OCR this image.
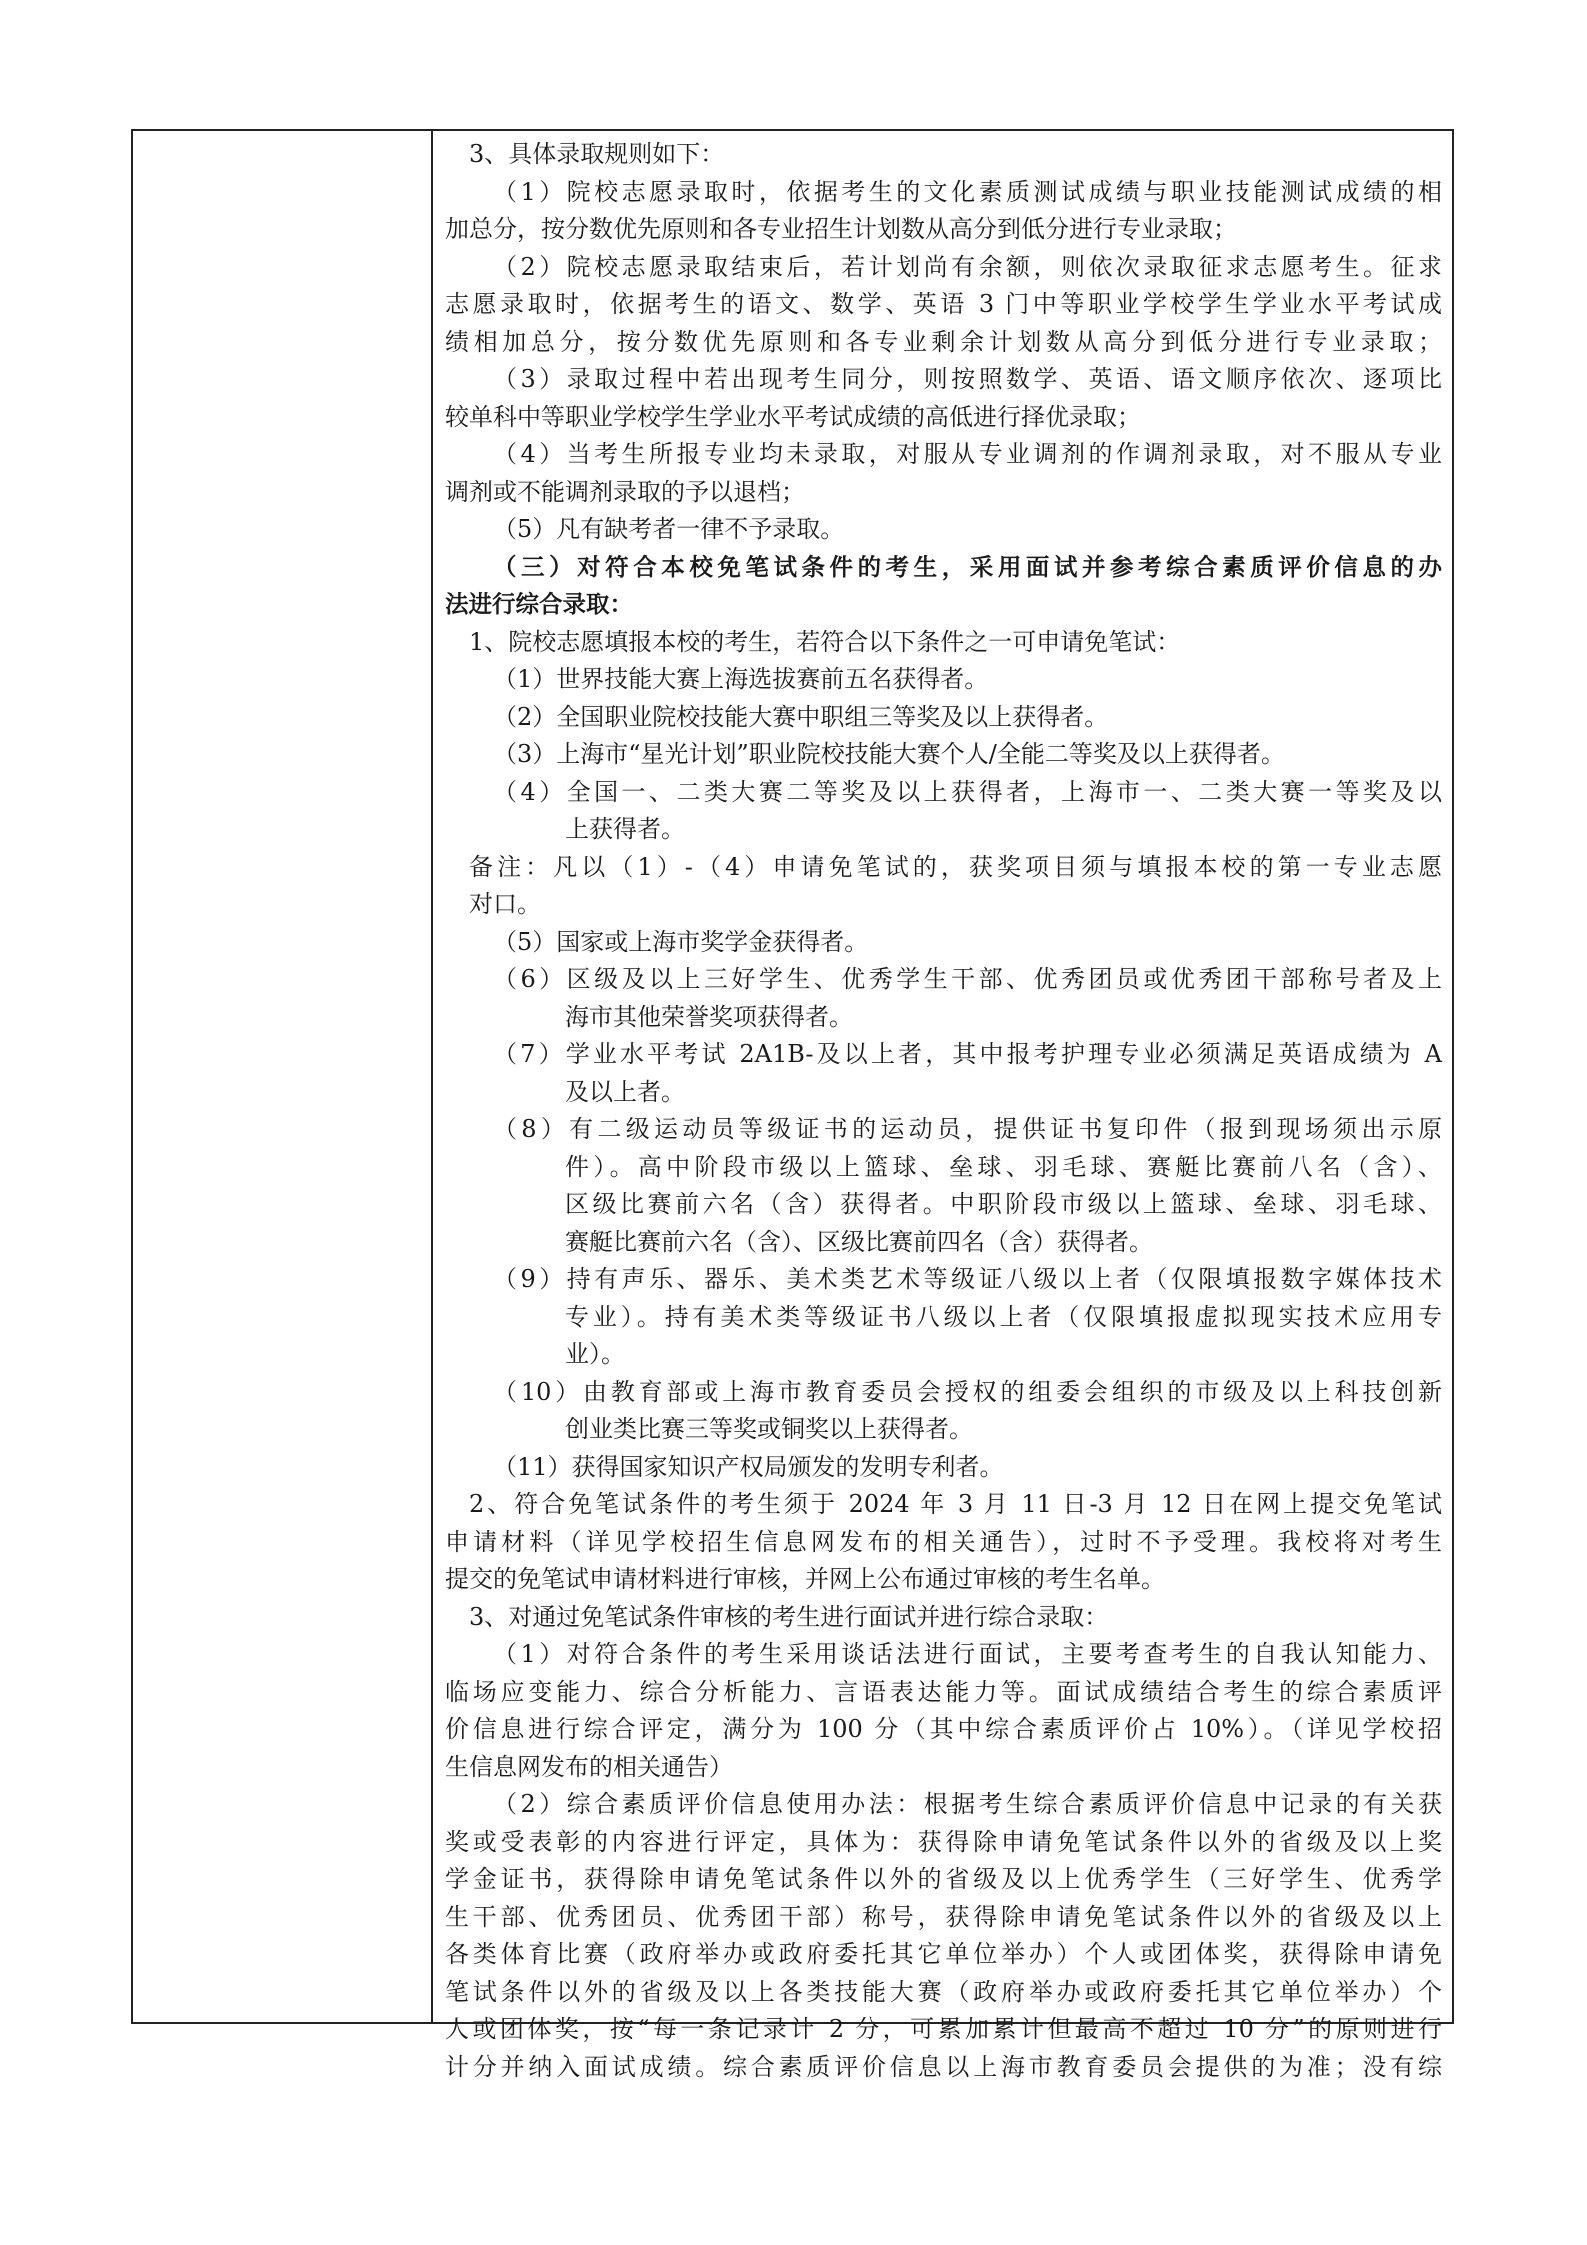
3、具体录取规则如下：
（1）院校志愿录取时，依据考生的文化素质测试成绩与职业技能测试成绩的相
加总分，按分数优先原则和各专业招生计划数从高分到低分进行专业录取；
（2）院校志愿录取结束后，若计划尚有余额，则依次录取征求志愿考生。征求
志愿录取时，依据考生的语文、数学、英语 3 门中等职业学校学生学业水平考试成
绩相加总分，按分数优先原则和各专业剩余计划数从高分到低分进行专业录取；
（3）录取过程中若出现考生同分，则按照数学、英语、语文顺序依次、逐项比
较单科中等职业学校学生学业水平考试成绩的高低进行择优录取；
（4）当考生所报专业均未录取，对服从专业调剂的作调剂录取，对不服从专业
调剂或不能调剂录取的予以退档；
（5）凡有缺考者一律不予录取。
（三）对符合本校免笔试条件的考生，采用面试并参考综合素质评价信息的办
法进行综合录取：
1、院校志愿填报本校的考生，若符合以下条件之一可申请免笔试：
（1）世界技能大赛上海选拔赛前五名获得者。
（2）全国职业院校技能大赛中职组三等奖及以上获得者。
（3）上海市“星光计划”职业院校技能大赛个人/全能二等奖及以上获得者。
（4）全国一、二类大赛二等奖及以上获得者，上海市一、二类大赛一等奖及以
上获得者。
备注：凡以（1）-（4）申请免笔试的，获奖项目须与填报本校的第一专业志愿
对口。
（5）国家或上海市奖学金获得者。
（6）区级及以上三好学生、优秀学生干部、优秀团员或优秀团干部称号者及上
海市其他荣誉奖项获得者。
（7）学业水平考试 2A1B-及以上者，其中报考护理专业必须满足英语成绩为 A
及以上者。
（8）有二级运动员等级证书的运动员，提供证书复印件（报到现场须出示原
件）。高中阶段市级以上篮球、垒球、羽毛球、赛艇比赛前八名（含）、
区级比赛前六名（含）获得者。中职阶段市级以上篮球、垒球、羽毛球、
赛艇比赛前六名（含）、区级比赛前四名（含）获得者。
（9）持有声乐、器乐、美术类艺术等级证八级以上者（仅限填报数字媒体技术
专业）。持有美术类等级证书八级以上者（仅限填报虚拟现实技术应用专
业）。
（10）由教育部或上海市教育委员会授权的组委会组织的市级及以上科技创新
创业类比赛三等奖或铜奖以上获得者。
（11）获得国家知识产权局颁发的发明专利者。
2、符合免笔试条件的考生须于 2024 年 3 月 11 日-3 月 12 日在网上提交免笔试
申请材料（详见学校招生信息网发布的相关通告），过时不予受理。我校将对考生
提交的免笔试申请材料进行审核，并网上公布通过审核的考生名单。
3、对通过免笔试条件审核的考生进行面试并进行综合录取：
（1）对符合条件的考生采用谈话法进行面试，主要考查考生的自我认知能力、
临场应变能力、综合分析能力、言语表达能力等。面试成绩结合考生的综合素质评
价信息进行综合评定，满分为 100 分（其中综合素质评价占 10%）。（详见学校招
生信息网发布的相关通告）
（2）综合素质评价信息使用办法：根据考生综合素质评价信息中记录的有关获
奖或受表彰的内容进行评定，具体为：获得除申请免笔试条件以外的省级及以上奖
学金证书，获得除申请免笔试条件以外的省级及以上优秀学生（三好学生、优秀学
生干部、优秀团员、优秀团干部）称号，获得除申请免笔试条件以外的省级及以上
各类体育比赛（政府举办或政府委托其它单位举办）个人或团体奖，获得除申请免
笔试条件以外的省级及以上各类技能大赛（政府举办或政府委托其它单位举办）个
人或团体奖，按“每一条记录计 2 分，可累加累计但最高不超过 10 分”的原则进行
计分并纳入面试成绩。综合素质评价信息以上海市教育委员会提供的为准；没有综
